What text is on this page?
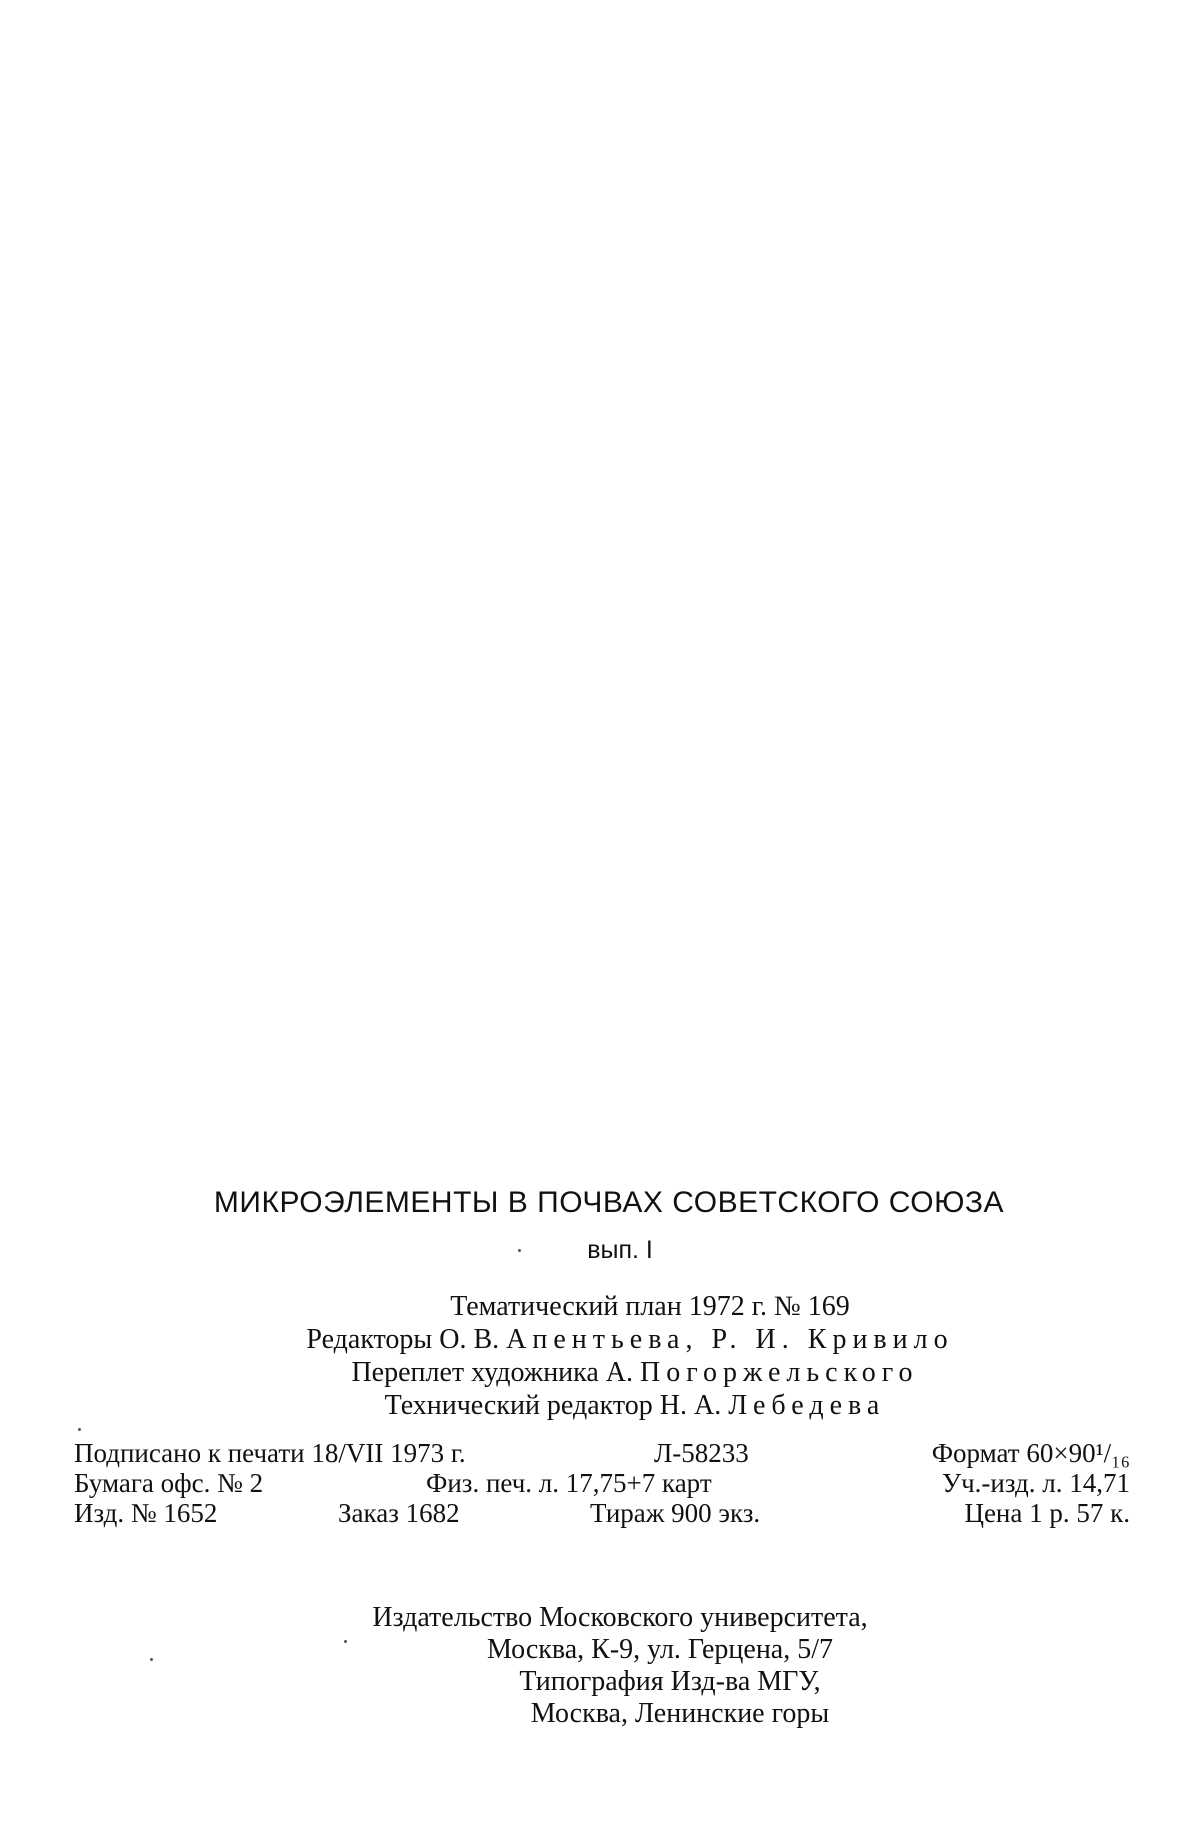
МИКРОЭЛЕМЕНТЫ В ПОЧВАХ СОВЕТСКОГО СОЮЗА
вып. I
Тематический план 1972 г. № 169
Редакторы О. В. Апентьева, Р. И. Кривило
Переплет художника А. Погоржельского
Технический редактор Н. А. Лебедева
Подписано к печати 18/VII 1973 г.	Л-58233	Формат 60×90¹/₁₆
Бумага офс. № 2	Физ. печ. л. 17,75+7 карт	Уч.-изд. л. 14,71
Изд. № 1652	Заказ 1682	Тираж 900 экз.	Цена 1 р. 57 к.
Издательство Московского университета,
Москва, К-9, ул. Герцена, 5/7
Типография Изд-ва МГУ,
Москва, Ленинские горы
